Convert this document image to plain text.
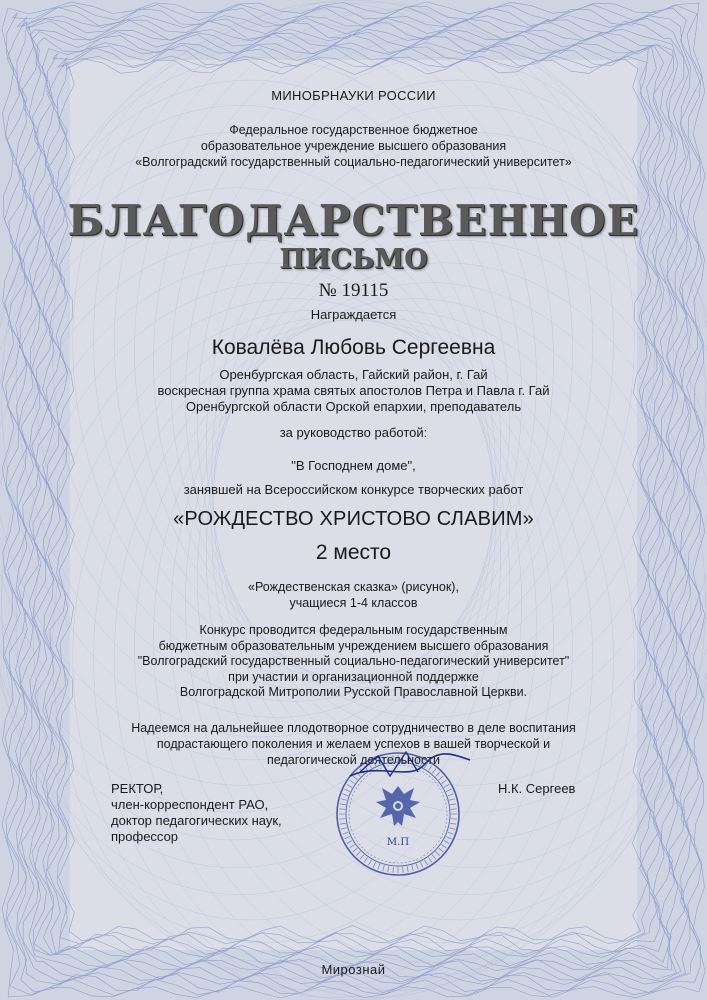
МИНОБРНАУКИ РОССИИ
Федеральное государственное бюджетное
образовательное учреждение высшего образования
«Волгоградский государственный социально-педагогический университет»
БЛАГОДАРСТВЕННОЕ
ПИСЬМО
№ 19115
Награждается
Ковалёва Любовь Сергеевна
Оренбургская область, Гайский район, г. Гай
воскресная группа храма святых апостолов Петра и Павла г. Гай
Оренбургской области Орской епархии, преподаватель
за руководство работой:
"В Господнем доме",
занявшей на Всероссийском конкурсе творческих работ
«РОЖДЕСТВО ХРИСТОВО СЛАВИМ»
2 место
«Рождественская сказка» (рисунок),
учащиеся 1-4 классов
Конкурс проводится федеральным государственным
бюджетным образовательным учреждением высшего образования
"Волгоградский государственный социально-педагогический университет"
при участии и организационной поддержке
Волгоградской Митрополии Русской Православной Церкви.
Надеемся на дальнейшее плодотворное сотрудничество в деле воспитания
подрастающего поколения и желаем успехов в вашей творческой и
педагогической деятельности
РЕКТОР,
член-корреспондент РАО,
доктор педагогических наук,
профессор
Н.К. Сергеев
М.П
Мирознай
